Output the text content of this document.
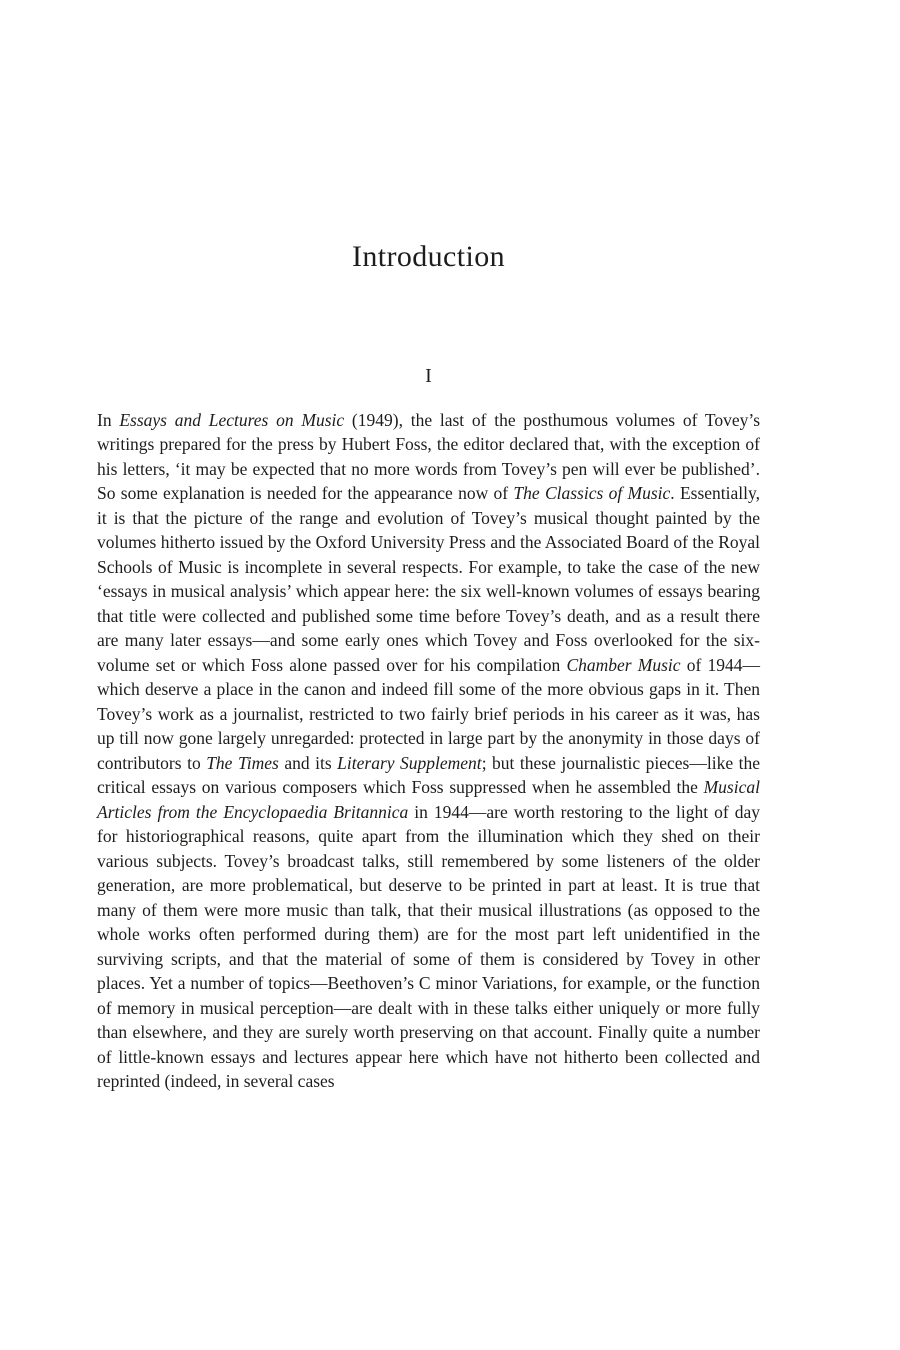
Introduction
I

In Essays and Lectures on Music (1949), the last of the posthumous volumes of Tovey’s writings prepared for the press by Hubert Foss, the editor declared that, with the exception of his letters, ‘it may be expected that no more words from Tovey’s pen will ever be published’. So some explanation is needed for the appearance now of The Classics of Music. Essentially, it is that the picture of the range and evolution of Tovey’s musical thought painted by the volumes hitherto issued by the Oxford University Press and the Associated Board of the Royal Schools of Music is incomplete in several respects. For example, to take the case of the new ‘essays in musical analysis’ which appear here: the six well-known volumes of essays bearing that title were collected and published some time before Tovey’s death, and as a result there are many later essays—and some early ones which Tovey and Foss overlooked for the six-volume set or which Foss alone passed over for his compilation Chamber Music of 1944—which deserve a place in the canon and indeed fill some of the more obvious gaps in it. Then Tovey’s work as a journalist, restricted to two fairly brief periods in his career as it was, has up till now gone largely unregarded: protected in large part by the anonymity in those days of contributors to The Times and its Literary Supplement; but these journalistic pieces—like the critical essays on various composers which Foss suppressed when he assembled the Musical Articles from the Encyclopaedia Britannica in 1944—are worth restoring to the light of day for historiographical reasons, quite apart from the illumination which they shed on their various subjects. Tovey’s broadcast talks, still remembered by some listeners of the older generation, are more problematical, but deserve to be printed in part at least. It is true that many of them were more music than talk, that their musical illustrations (as opposed to the whole works often performed during them) are for the most part left unidentified in the surviving scripts, and that the material of some of them is considered by Tovey in other places. Yet a number of topics—Beethoven’s C minor Variations, for example, or the function of memory in musical perception—are dealt with in these talks either uniquely or more fully than elsewhere, and they are surely worth preserving on that account. Finally quite a number of little-known essays and lectures appear here which have not hitherto been collected and reprinted (indeed, in several cases
